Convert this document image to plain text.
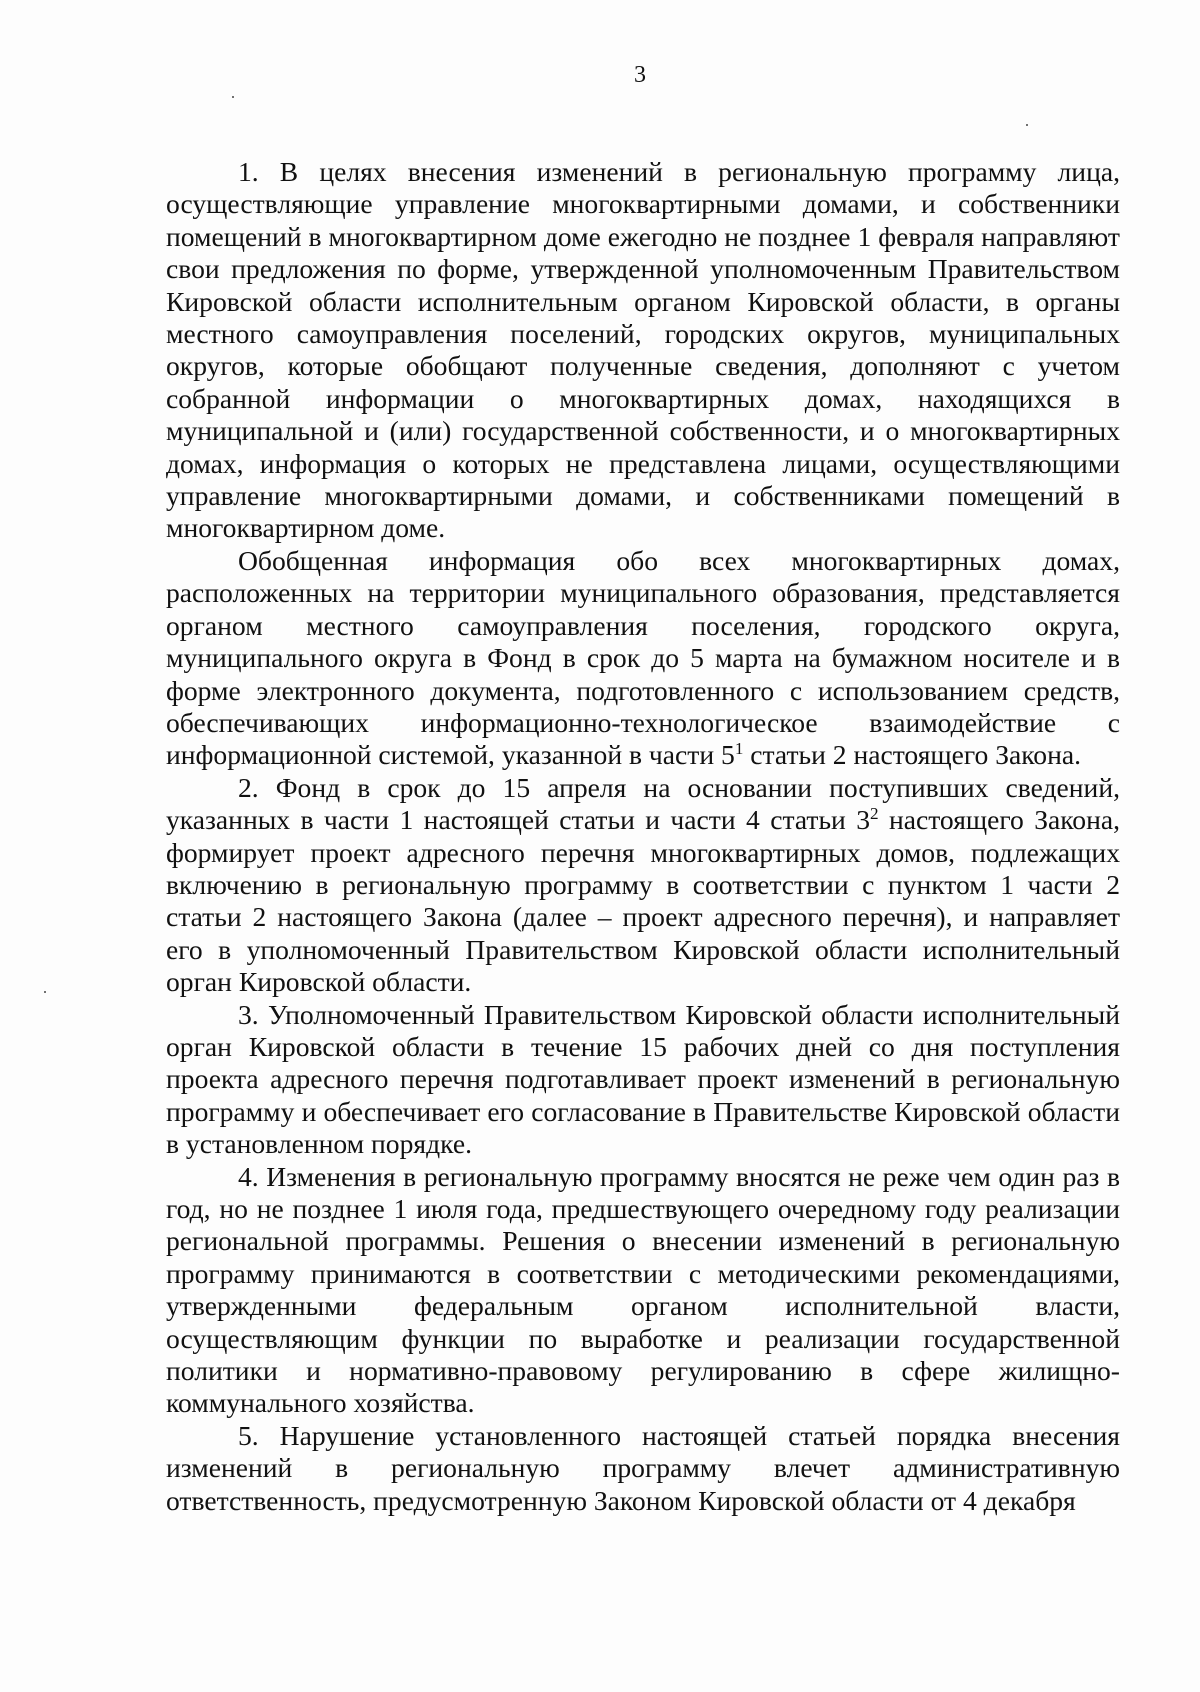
3

1. В целях внесения изменений в региональную программу лица, осуществляющие управление многоквартирными домами, и собственники помещений в многоквартирном доме ежегодно не позднее 1 февраля направляют свои предложения по форме, утвержденной уполномоченным Правительством Кировской области исполнительным органом Кировской области, в органы местного самоуправления поселений, городских округов, муниципальных округов, которые обобщают полученные сведения, дополняют с учетом собранной информации о многоквартирных домах, находящихся в муниципальной и (или) государственной собственности, и о многоквартирных домах, информация о которых не представлена лицами, осуществляющими управление многоквартирными домами, и собственниками помещений в многоквартирном доме.

Обобщенная информация обо всех многоквартирных домах, расположенных на территории муниципального образования, представляется органом местного самоуправления поселения, городского округа, муниципального округа в Фонд в срок до 5 марта на бумажном носителе и в форме электронного документа, подготовленного с использованием средств, обеспечивающих информационно-технологическое взаимодействие с информационной системой, указанной в части $5^1$ статьи 2 настоящего Закона.

2. Фонд в срок до 15 апреля на основании поступивших сведений, указанных в части 1 настоящей статьи и части 4 статьи $3^2$ настоящего Закона, формирует проект адресного перечня многоквартирных домов, подлежащих включению в региональную программу в соответствии с пунктом 1 части 2 статьи 2 настоящего Закона (далее – проект адресного перечня), и направляет его в уполномоченный Правительством Кировской области исполнительный орган Кировской области.

3. Уполномоченный Правительством Кировской области исполнительный орган Кировской области в течение 15 рабочих дней со дня поступления проекта адресного перечня подготавливает проект изменений в региональную программу и обеспечивает его согласование в Правительстве Кировской области в установленном порядке.

4. Изменения в региональную программу вносятся не реже чем один раз в год, но не позднее 1 июля года, предшествующего очередному году реализации региональной программы. Решения о внесении изменений в региональную программу принимаются в соответствии с методическими рекомендациями, утвержденными федеральным органом исполнительной власти, осуществляющим функции по выработке и реализации государственной политики и нормативно-правовому регулированию в сфере жилищно-коммунального хозяйства.

5. Нарушение установленного настоящей статьей порядка внесения изменений в региональную программу влечет административную ответственность, предусмотренную Законом Кировской области от 4 декабря
